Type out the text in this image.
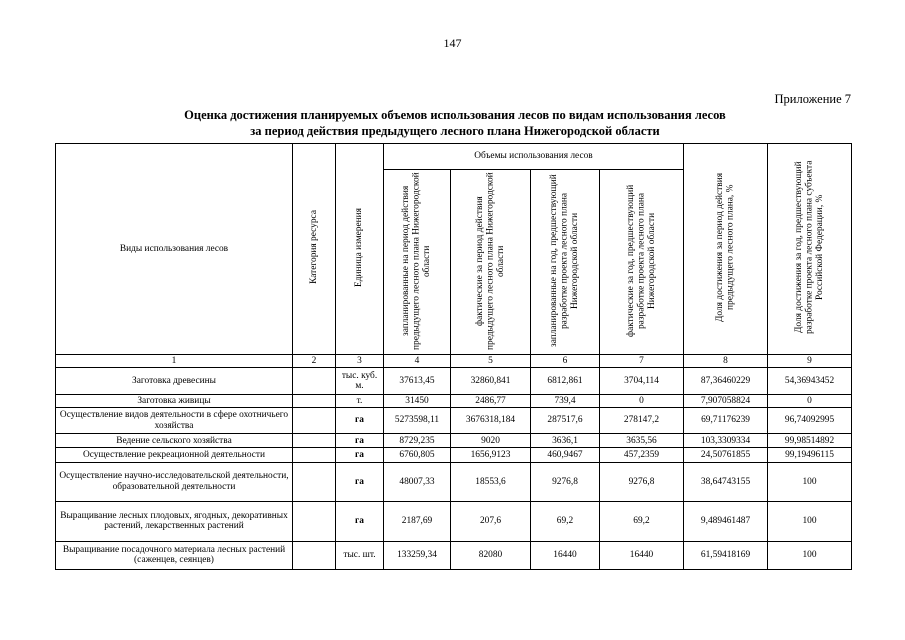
147
Приложение 7
Оценка достижения планируемых объемов использования лесов по видам использования лесов
за период действия предыдущего лесного плана Нижегородской области
Виды использования лесов	Категория ресурса	Единица измерения	Объемы использования лесов				Доля достижения за период действия предыдущего лесного плана, %	Доля достижения за год, предшествующий разработке проекта лесного плана субъекта Российской Федерации, %
			запланированные на период действия предыдущего лесного плана Нижегородской области	фактические за период действия предыдущего лесного плана Нижегородской области	запланированные на год, предшествующий разработке проекта лесного плана Нижегородской области	фактические за год, предшествующий разработке проекта лесного плана Нижегородской области		
1	2	3	4	5	6	7	8	9
Заготовка древесины		тыс. куб. м.	37613,45	32860,841	6812,861	3704,114	87,36460229	54,36943452
Заготовка живицы		т.	31450	2486,77	739,4	0	7,907058824	0
Осуществление видов деятельности в сфере охотничьего хозяйства		га	5273598,11	3676318,184	287517,6	278147,2	69,71176239	96,74092995
Ведение сельского хозяйства		га	8729,235	9020	3636,1	3635,56	103,3309334	99,98514892
Осуществление рекреационной деятельности		га	6760,805	1656,9123	460,9467	457,2359	24,50761855	99,19496115
Осуществление научно-исследовательской деятельности, образовательной деятельности		га	48007,33	18553,6	9276,8	9276,8	38,64743155	100
Выращивание лесных плодовых, ягодных, декоративных растений, лекарственных растений		га	2187,69	207,6	69,2	69,2	9,489461487	100
Выращивание посадочного материала лесных растений (саженцев, сеянцев)		тыс. шт.	133259,34	82080	16440	16440	61,59418169	100
